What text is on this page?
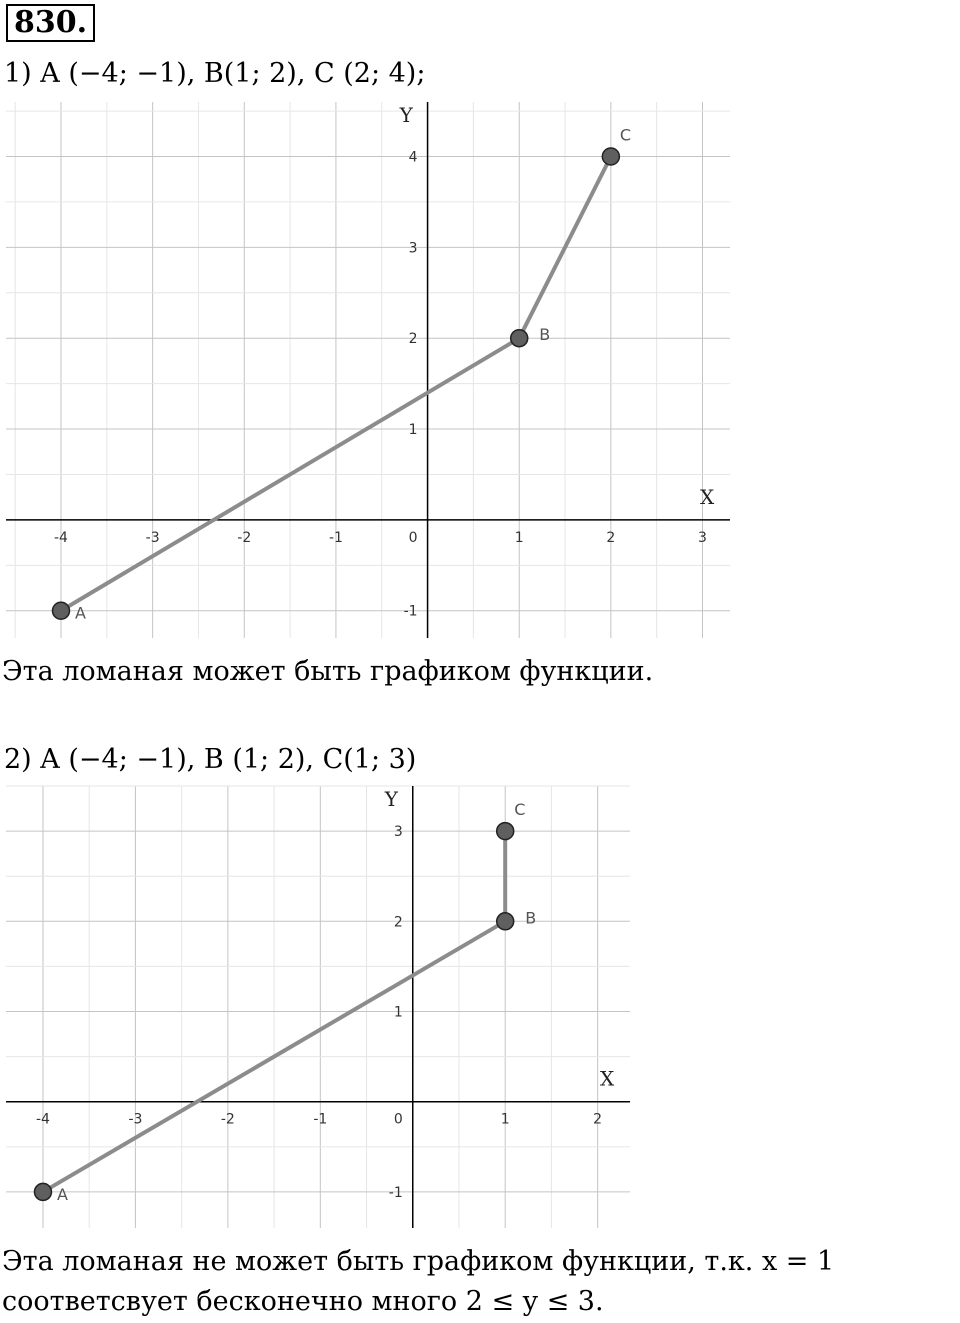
830.
1) A (−4; −1), B(1; 2), C (2; 4);
X
Y
-4	-3	-2	-1	0	1	2	3
-1
1
2
3
4
A
B
C
Эта ломаная может быть графиком функции.
2) A (−4; −1), B (1; 2), C(1; 3)
X
Y
-4	-3	-2	-1	0	1	2
-1
1
2
3
A
B
C
Эта ломаная не может быть графиком функции, т.к. x = 1 соответсвует бесконечно много 2 ≤ y ≤ 3.
